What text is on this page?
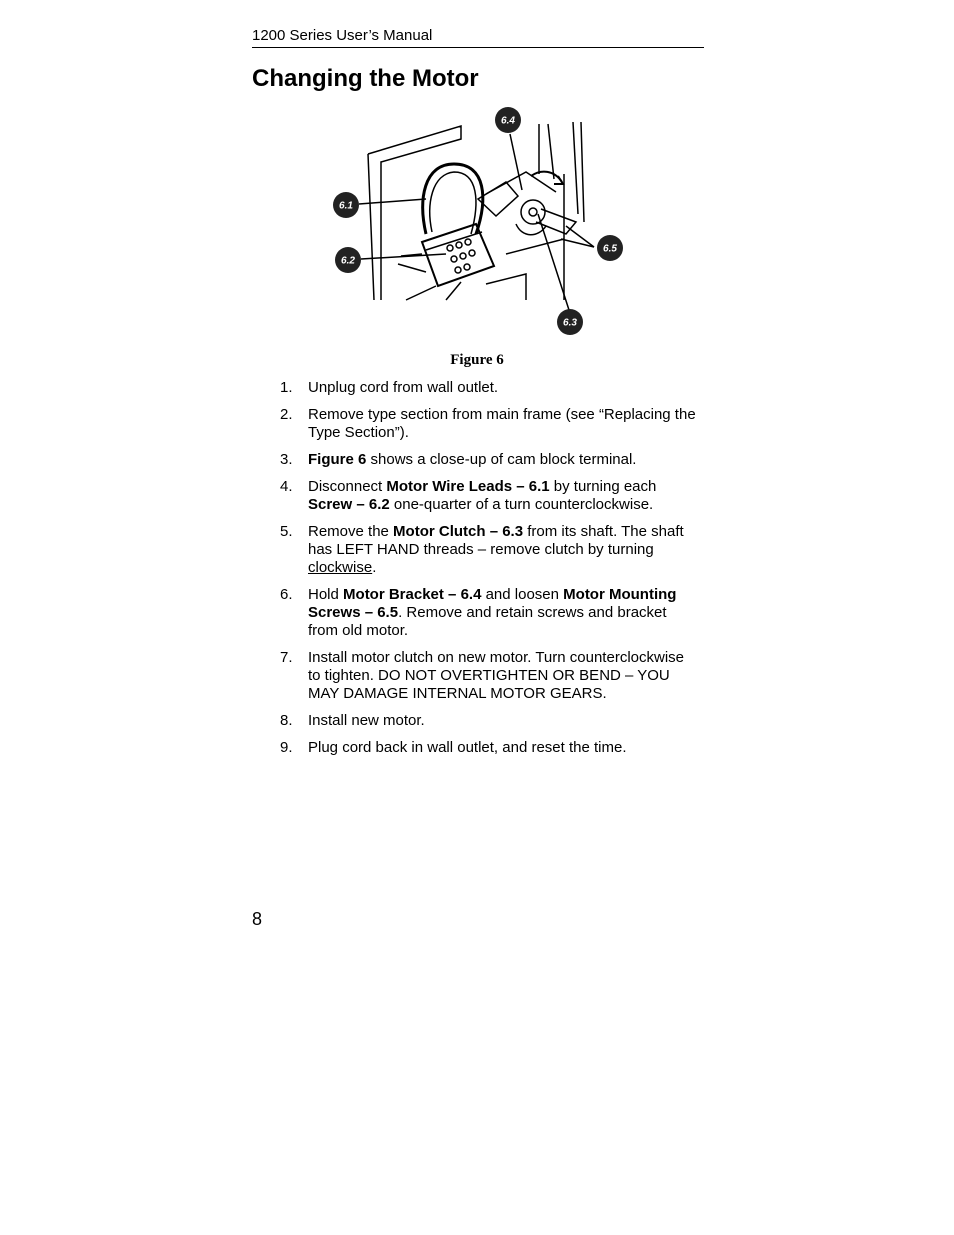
1200 Series User’s Manual
Changing the Motor
6.4
6.1
6.2
6.5
6.3
Figure 6
1. Unplug cord from wall outlet.
2. Remove type section from main frame (see “Replacing the Type Section”).
3. Figure 6 shows a close-up of cam block terminal.
4. Disconnect Motor Wire Leads – 6.1 by turning each Screw – 6.2 one-quarter of a turn counterclockwise.
5. Remove the Motor Clutch – 6.3 from its shaft. The shaft has LEFT HAND threads – remove clutch by turning clockwise.
6. Hold Motor Bracket – 6.4 and loosen Motor Mounting Screws – 6.5. Remove and retain screws and bracket from old motor.
7. Install motor clutch on new motor. Turn counterclockwise to tighten. DO NOT OVERTIGHTEN OR BEND – YOU MAY DAMAGE INTERNAL MOTOR GEARS.
8. Install new motor.
9. Plug cord back in wall outlet, and reset the time.
8
